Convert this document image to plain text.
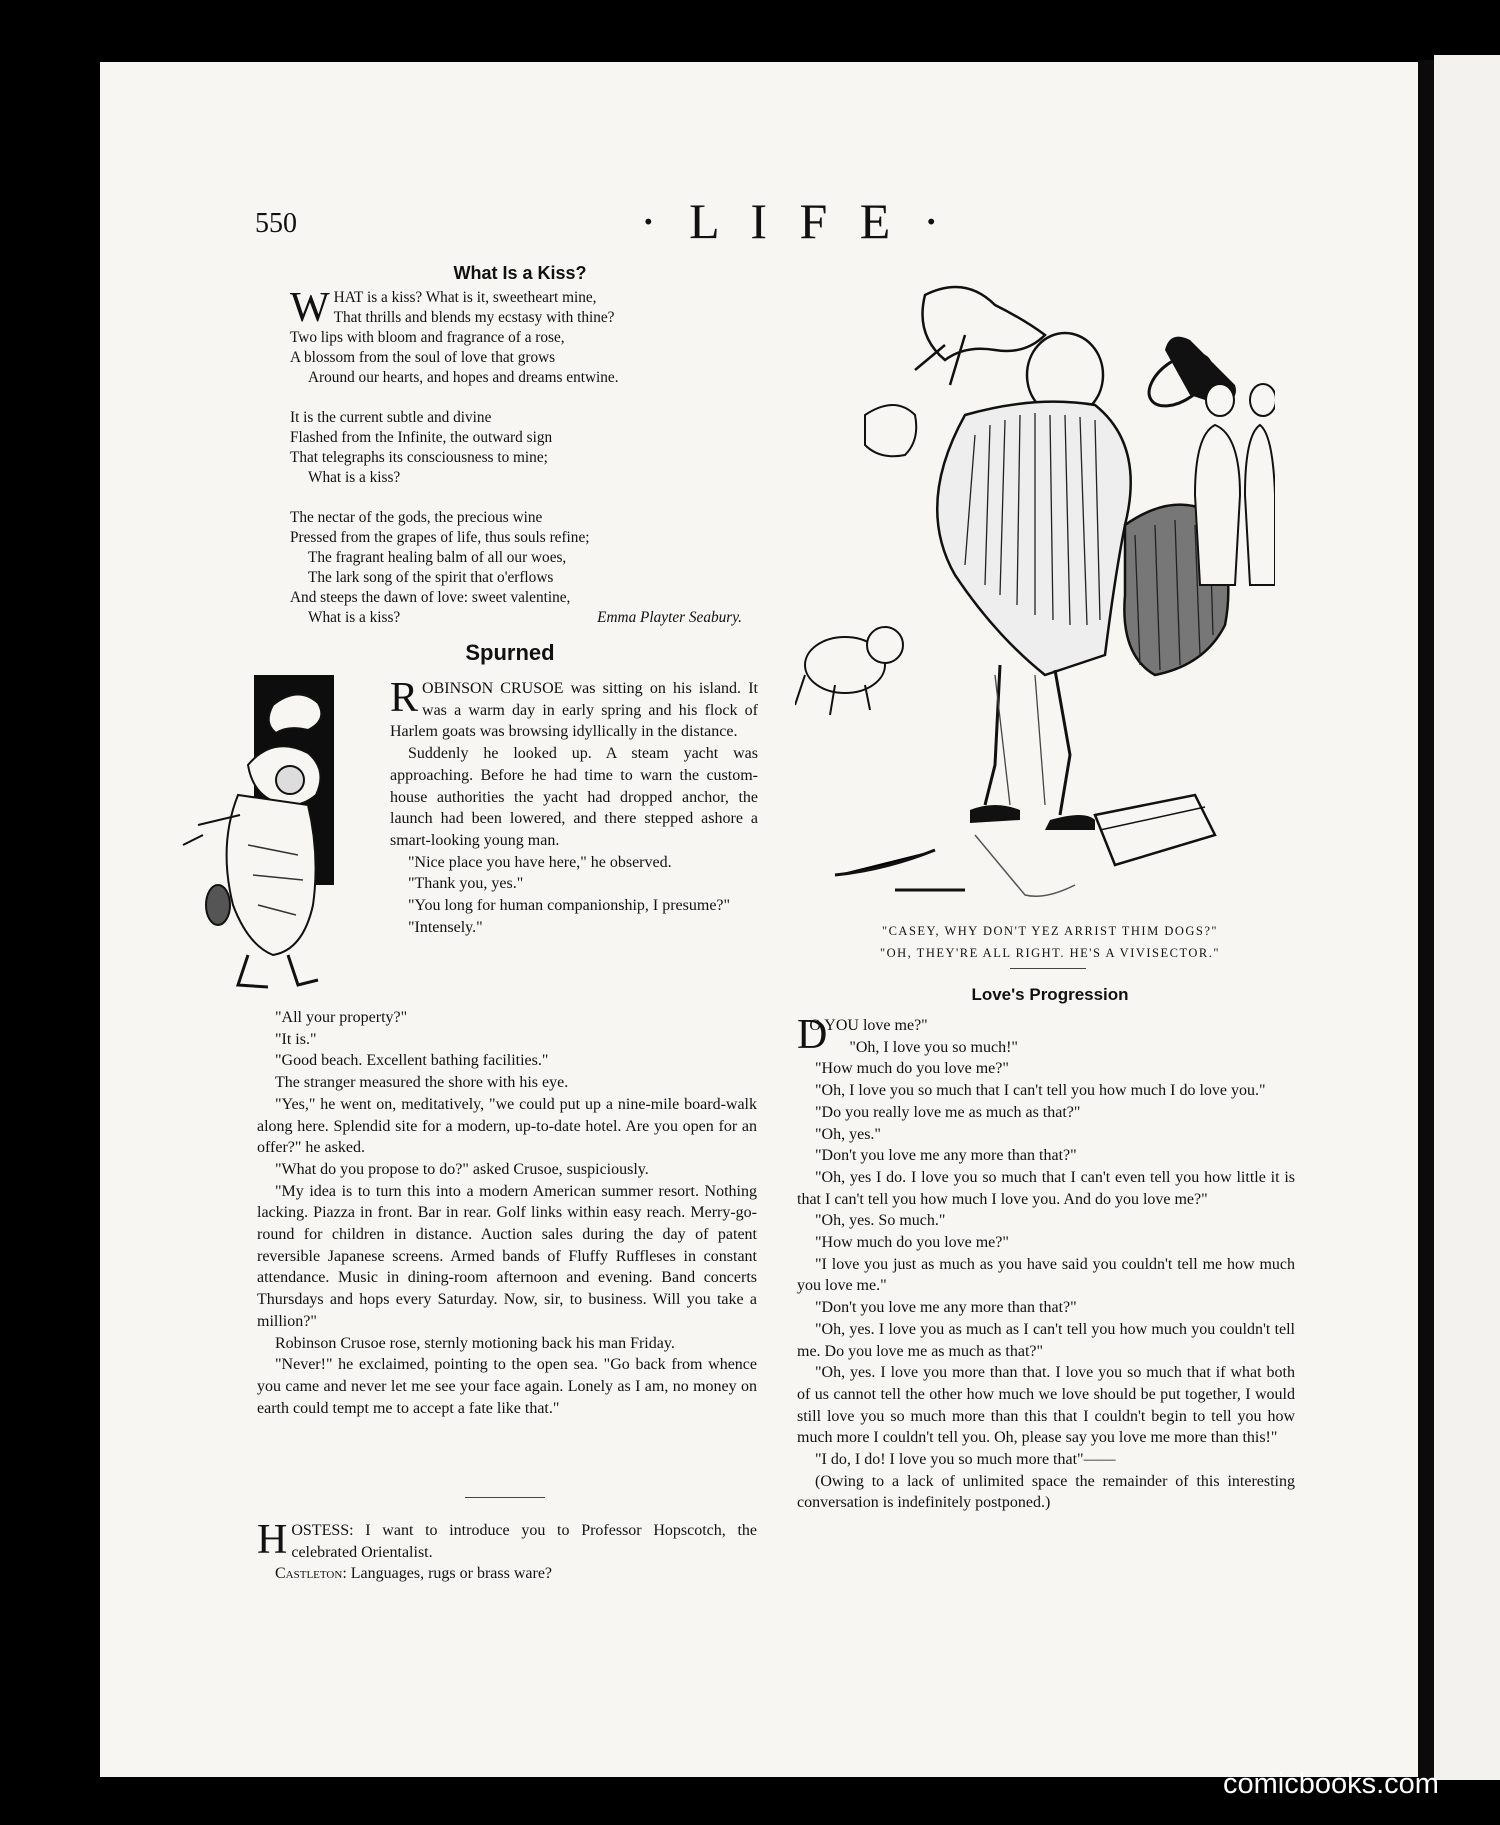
550	· L I F E ·
What Is a Kiss?
WHAT is a kiss? What is it, sweetheart mine,
That thrills and blends my ecstasy with thine?
Two lips with bloom and fragrance of a rose,
A blossom from the soul of love that grows
Around our hearts, and hopes and dreams entwine.
It is the current subtle and divine
Flashed from the Infinite, the outward sign
That telegraphs its consciousness to mine;
What is a kiss?
The nectar of the gods, the precious wine
Pressed from the grapes of life, thus souls refine;
The fragrant healing balm of all our woes,
The lark song of the spirit that o'erflows
And steeps the dawn of love: sweet valentine,
What is a kiss?	Emma Playter Seabury.
Spurned

ROBINSON CRUSOE was sitting on his island. It was a warm day in early spring and his flock of Harlem goats was browsing idyllically in the distance.

Suddenly he looked up. A steam yacht was approaching. Before he had time to warn the custom-house authorities the yacht had dropped anchor, the launch had been lowered, and there stepped ashore a smart-looking young man.

"Nice place you have here," he observed.

"Thank you, yes."

"You long for human companionship, I presume?"

"Intensely."

"All your property?"

"It is."

"Good beach. Excellent bathing facilities."

The stranger measured the shore with his eye.

"Yes," he went on, meditatively, "we could put up a nine-mile board-walk along here. Splendid site for a modern, up-to-date hotel. Are you open for an offer?" he asked.

"What do you propose to do?" asked Crusoe, suspiciously.

"My idea is to turn this into a modern American summer resort. Nothing lacking. Piazza in front. Bar in rear. Golf links within easy reach. Merry-go-round for children in distance. Auction sales during the day of patent reversible Japanese screens. Armed bands of Fluffy Ruffleses in constant attendance. Music in dining-room afternoon and evening. Band concerts Thursdays and hops every Saturday. Now, sir, to business. Will you take a million?"

Robinson Crusoe rose, sternly motioning back his man Friday.

"Never!" he exclaimed, pointing to the open sea. "Go back from whence you came and never let me see your face again. Lonely as I am, no money on earth could tempt me to accept a fate like that."

HOSTESS: I want to introduce you to Professor Hopscotch, the celebrated Orientalist.

Castleton: Languages, rugs or brass ware?

"CASEY, WHY DON'T YEZ ARRIST THIM DOGS?"
"OH, THEY'RE ALL RIGHT. HE'S A VIVISECTOR."
Love's Progression

D
O YOU love me?"

"Oh, I love you so much!"

"How much do you love me?"

"Oh, I love you so much that I can't tell you how much I do love you."

"Do you really love me as much as that?"

"Oh, yes."

"Don't you love me any more than that?"

"Oh, yes I do. I love you so much that I can't even tell you how little it is that I can't tell you how much I love you. And do you love me?"

"Oh, yes. So much."

"How much do you love me?"

"I love you just as much as you have said you couldn't tell me how much you love me."

"Don't you love me any more than that?"

"Oh, yes. I love you as much as I can't tell you how much you couldn't tell me. Do you love me as much as that?"

"Oh, yes. I love you more than that. I love you so much that if what both of us cannot tell the other how much we love should be put together, I would still love you so much more than this that I couldn't begin to tell you how much more I couldn't tell you. Oh, please say you love me more than this!"

"I do, I do! I love you so much more that"——

(Owing to a lack of unlimited space the remainder of this interesting conversation is indefinitely postponed.)

comicbooks.com
